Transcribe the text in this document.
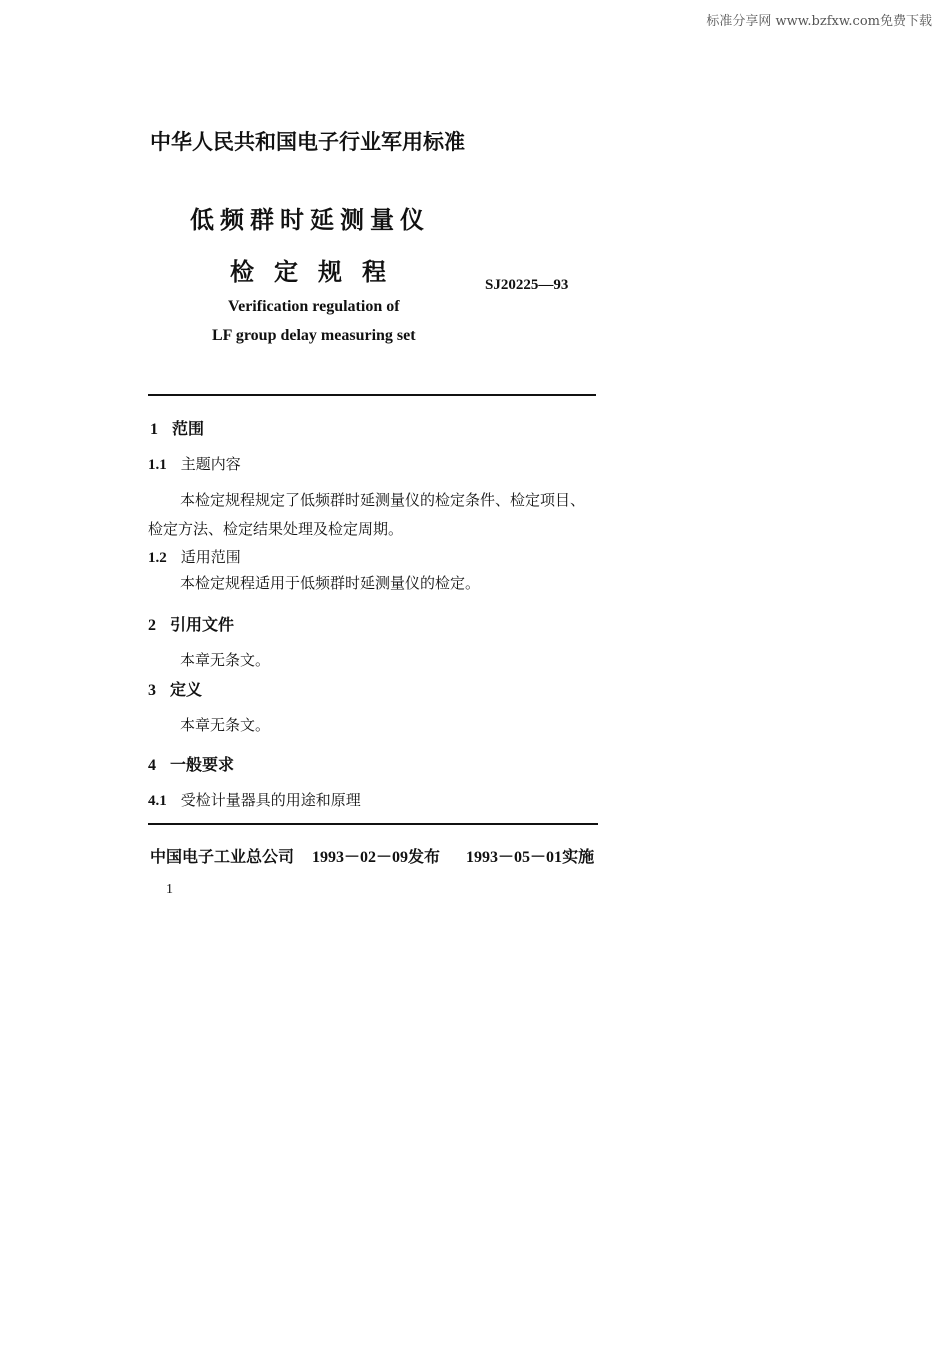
标准分享网 www.bzfxw.com免费下载
中华人民共和国电子行业军用标准
低频群时延测量仪
检定规程	SJ20225—93
Verification regulation of
LF group delay measuring set
1 范围
1.1 主题内容
本检定规程规定了低频群时延测量仪的检定条件、检定项目、
检定方法、检定结果处理及检定周期。
1.2 适用范围
本检定规程适用于低频群时延测量仪的检定。
2 引用文件
本章无条文。
3 定义
本章无条文。
4 一般要求
4.1 受检计量器具的用途和原理
中国电子工业总公司 1993－02－09发布 1993－05－01实施
1
